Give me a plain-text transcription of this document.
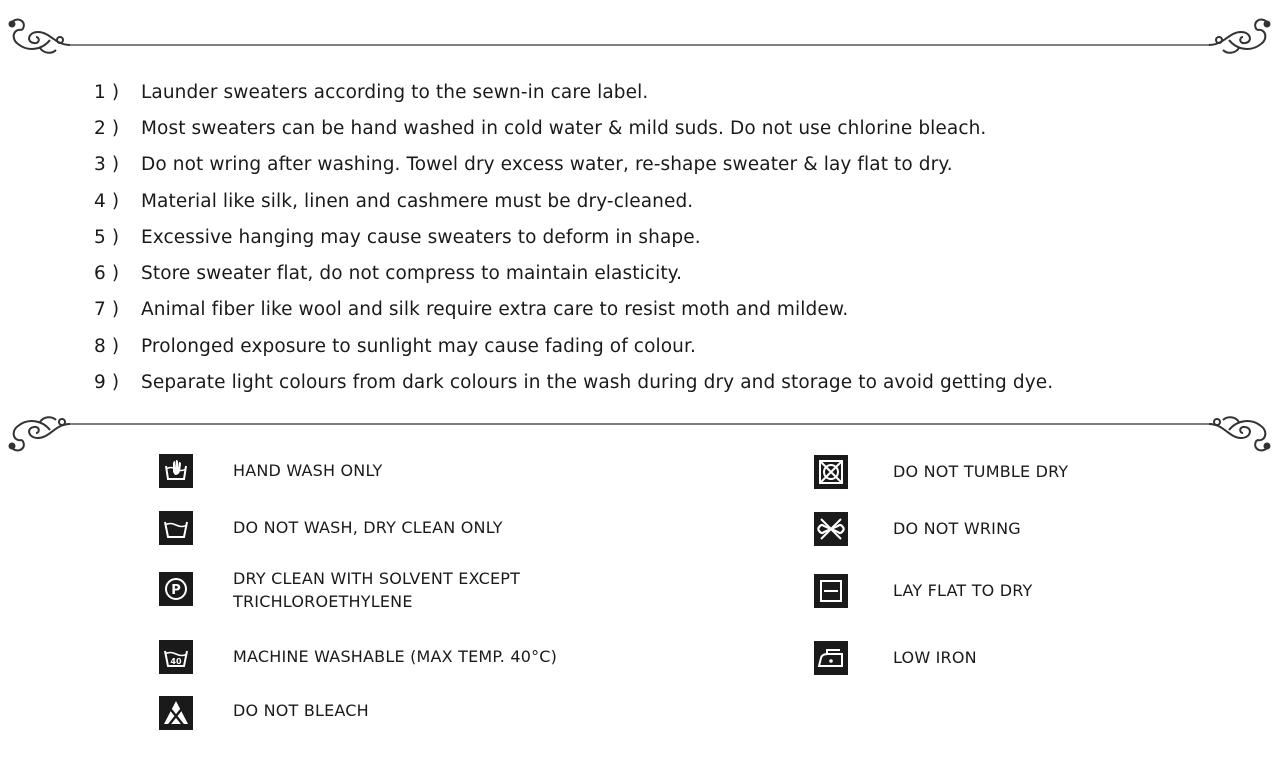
1 )	Launder sweaters according to the sewn-in care label.
2 )	Most sweaters can be hand washed in cold water & mild suds. Do not use chlorine bleach.
3 )	Do not wring after washing. Towel dry excess water, re-shape sweater & lay flat to dry.
4 )	Material like silk, linen and cashmere must be dry-cleaned.
5 )	Excessive hanging may cause sweaters to deform in shape.
6 )	Store sweater flat, do not compress to maintain elasticity.
7 )	Animal fiber like wool and silk require extra care to resist moth and mildew.
8 )	Prolonged exposure to sunlight may cause fading of colour.
9 )	Separate light colours from dark colours in the wash during dry and storage to avoid getting dye.
HAND WASH ONLY
DO NOT WASH, DRY CLEAN ONLY
P
DRY CLEAN WITH SOLVENT EXCEPT
TRICHLOROETHYLENE
40	MACHINE WASHABLE (MAX TEMP. 40°C)
DO NOT BLEACH
DO NOT TUMBLE DRY
DO NOT WRING
LAY FLAT TO DRY
LOW IRON
